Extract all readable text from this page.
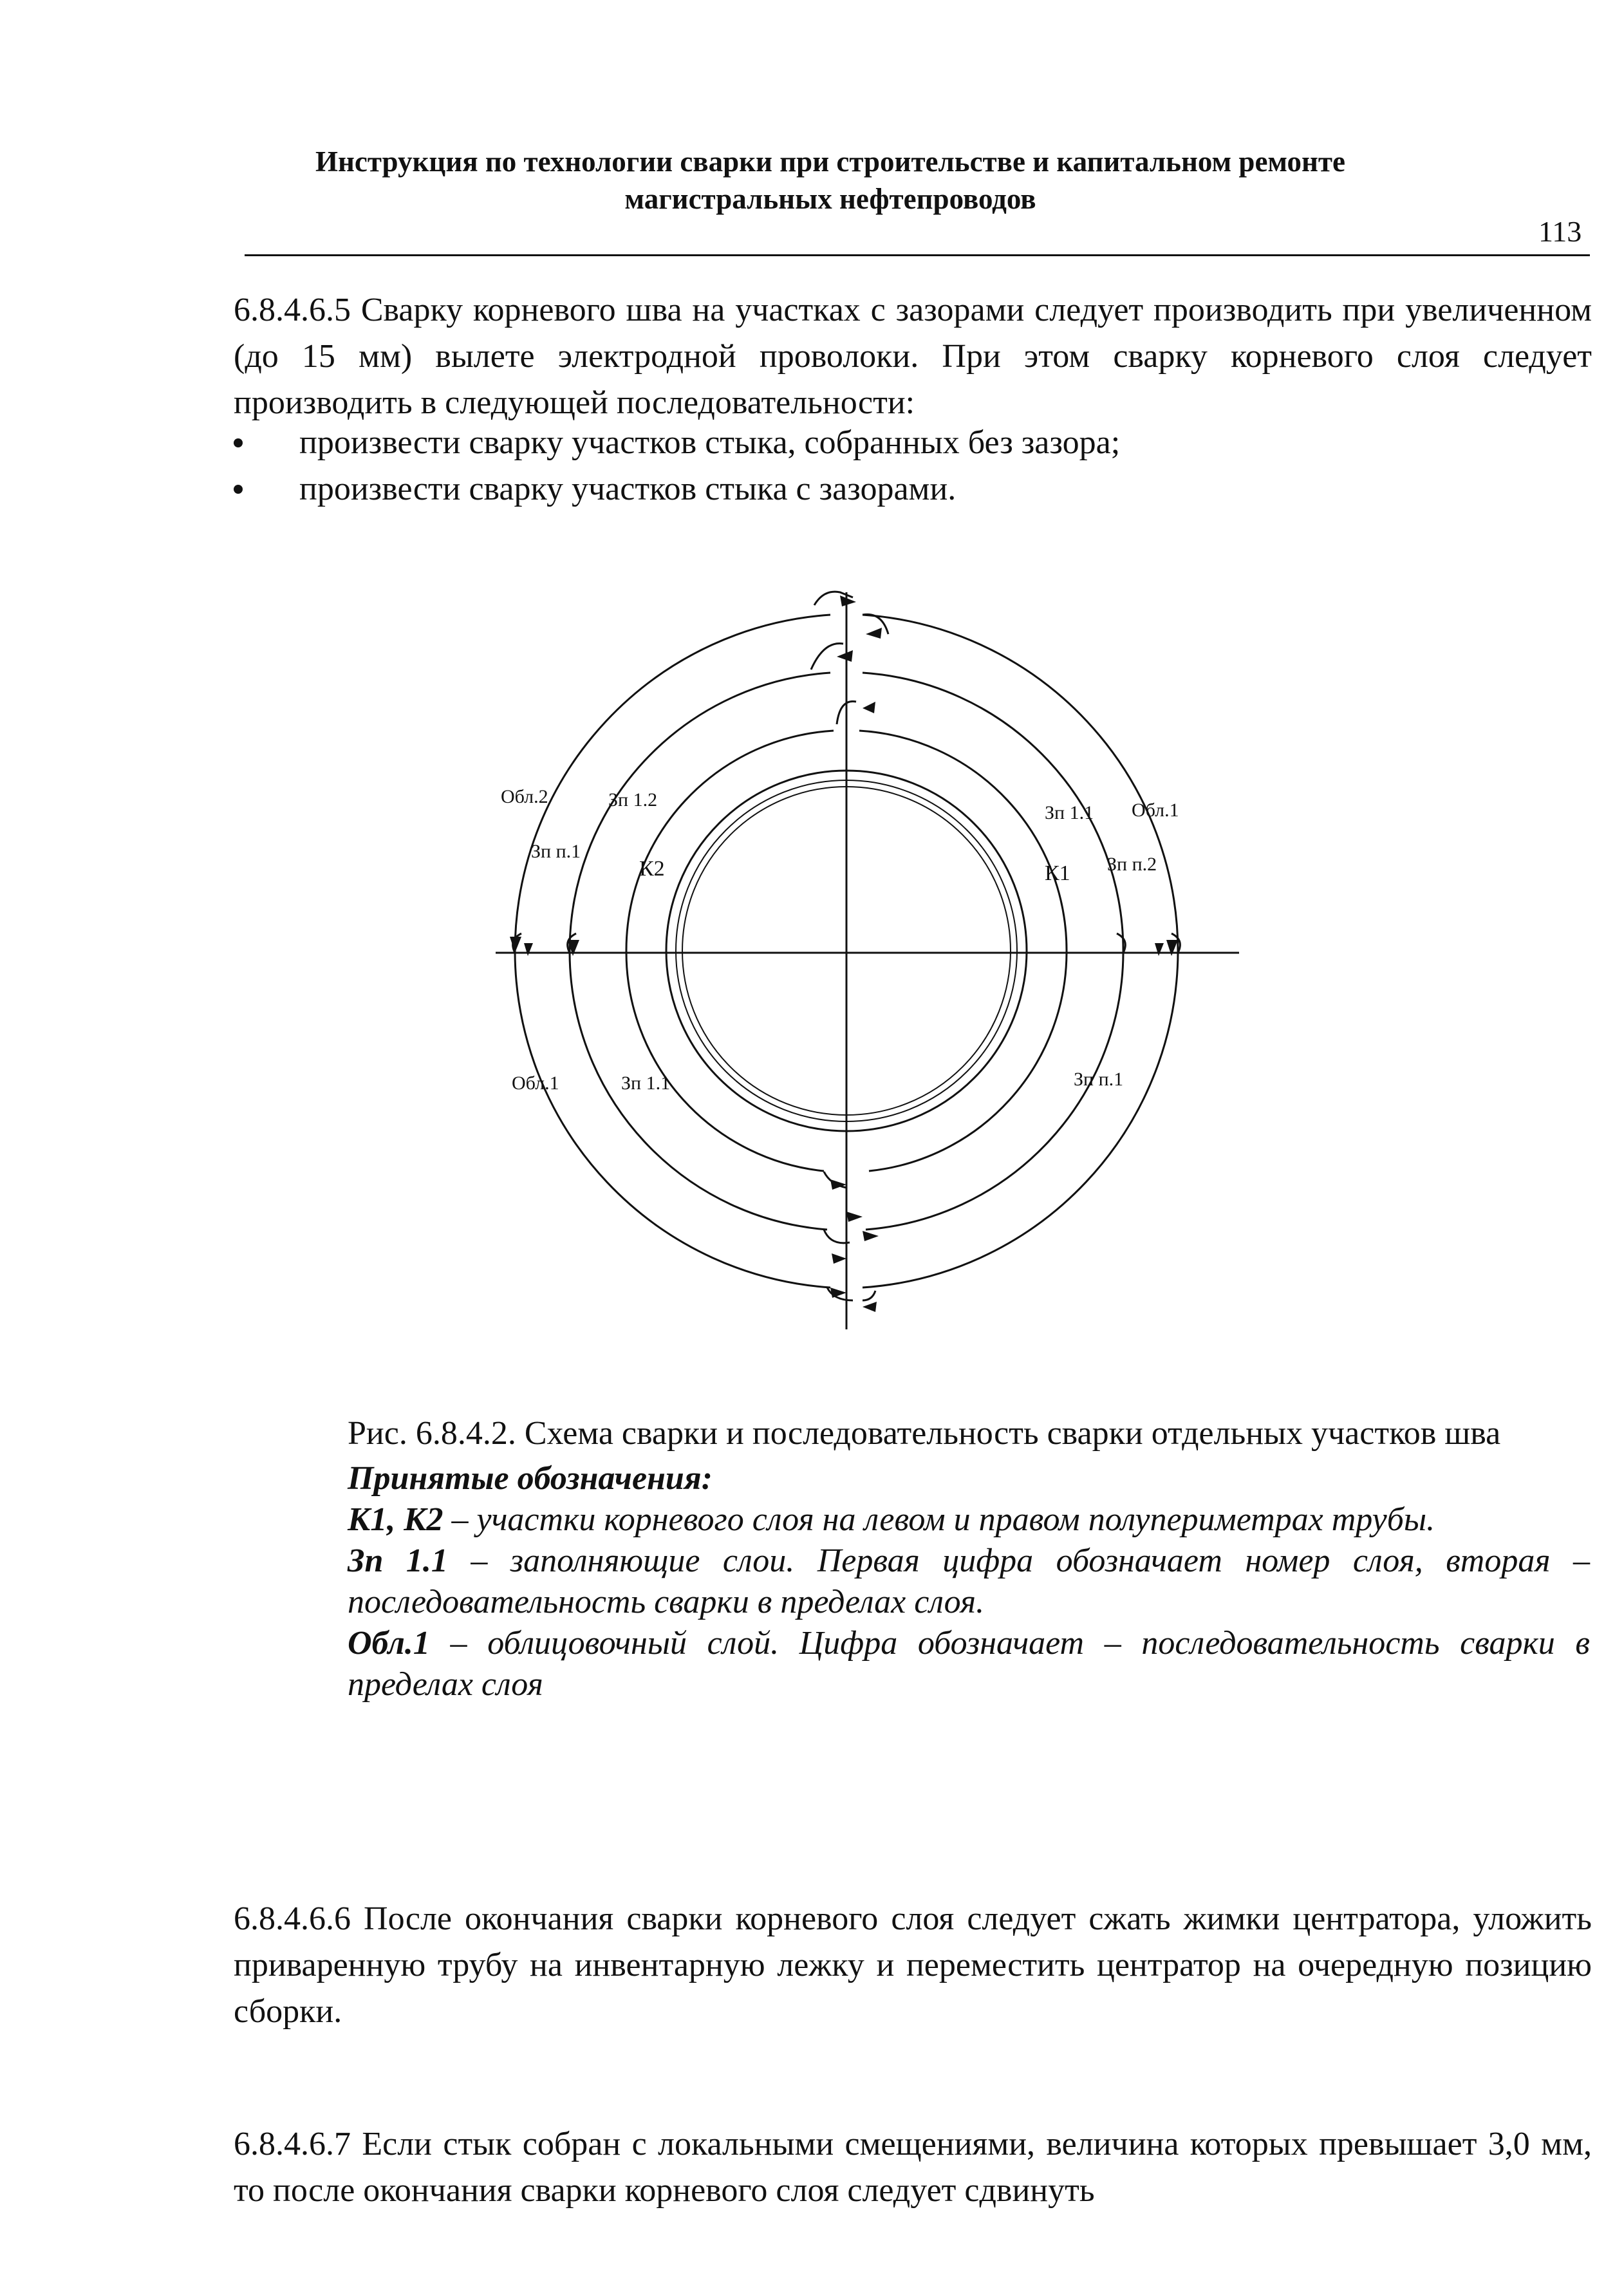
Инструкция по технологии сварки при строительстве и капитальном ремонте
магистральных нефтепроводов
113
6.8.4.6.5 Сварку корневого шва на участках с зазорами следует производить при увеличенном (до 15 мм) вылете электродной проволоки. При этом сварку корневого слоя следует производить в следующей последовательности:
произвести сварку участков стыка, собранных без зазора;
произвести сварку участков стыка с зазорами.
Обл.2	Зп 1.2
Зп п.1
К2
Зп 1.1 Обл.1
К1 Зп п.2
Обл.1	Зп 1.1	Зп п.1
Рис. 6.8.4.2. Схема сварки и последовательность сварки отдельных участков шва
Принятые обозначения:
К1, К2 – участки корневого слоя на левом и правом полупериметрах трубы.
Зп 1.1 – заполняющие слои. Первая цифра обозначает номер слоя, вторая – последовательность сварки в пределах слоя.
Обл.1 – облицовочный слой. Цифра обозначает – последовательность сварки в пределах слоя
6.8.4.6.6 После окончания сварки корневого слоя следует сжать жимки центратора, уложить приваренную трубу на инвентарную лежку и переместить центратор на очередную позицию сборки.
6.8.4.6.7 Если стык собран с локальными смещениями, величина которых превышает 3,0 мм, то после окончания сварки корневого слоя следует сдвинуть
